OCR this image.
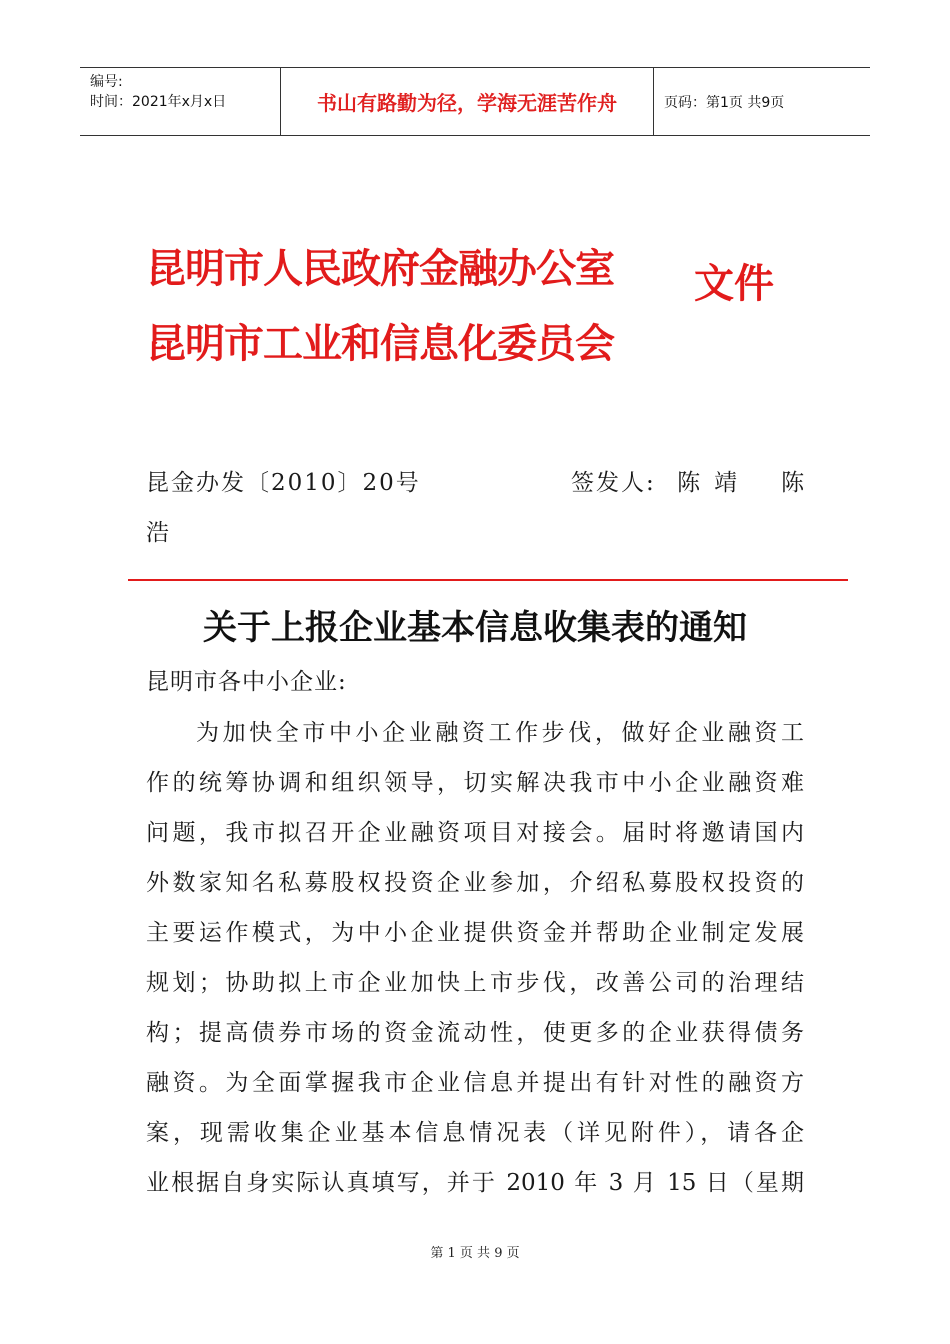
编号:
时间：2021年x月x日	书山有路勤为径，学海无涯苦作舟	页码：第1页 共9页
昆明市人民政府金融办公室
昆明市工业和信息化委员会
文件
昆金办发〔2010〕20号	签发人: 陈靖 陈
浩
关于上报企业基本信息收集表的通知
昆明市各中小企业:
为加快全市中小企业融资工作步伐，做好企业融资工
作的统筹协调和组织领导，切实解决我市中小企业融资难
问题，我市拟召开企业融资项目对接会。届时将邀请国内
外数家知名私募股权投资企业参加，介绍私募股权投资的
主要运作模式，为中小企业提供资金并帮助企业制定发展
规划；协助拟上市企业加快上市步伐，改善公司的治理结
构；提高债券市场的资金流动性，使更多的企业获得债务
融资。为全面掌握我市企业信息并提出有针对性的融资方
案，现需收集企业基本信息情况表（详见附件），请各企
业根据自身实际认真填写，并于 2010 年 3 月 15 日（星期
第 1 页 共 9 页
